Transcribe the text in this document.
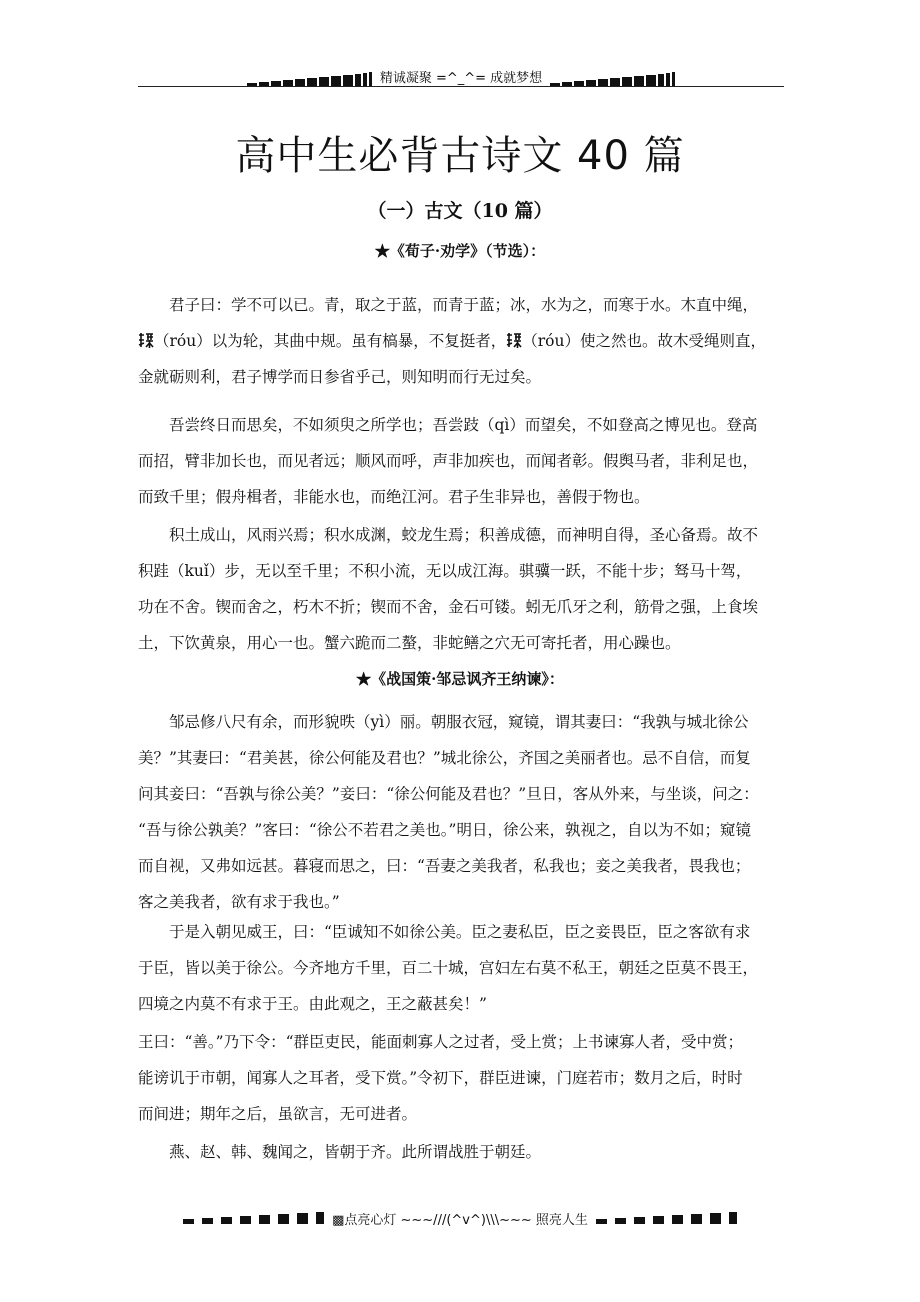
精诚凝聚 =^_^= 成就梦想
高中生必背古诗文 40 篇
（一）古文（10 篇）
★《荀子·劝学》（节选）：

君子曰：学不可以已。青，取之于蓝，而青于蓝；冰，水为之，而寒于水。木直中绳，
（róu）以为轮，其曲中规。虽有槁暴，不复挺者， （róu）使之然也。故木受绳则直，
金就砺则利，君子博学而日参省乎己，则知明而行无过矣。

吾尝终日而思矣，不如须臾之所学也；吾尝跂（qì）而望矣，不如登高之博见也。登高
而招，臂非加长也，而见者远；顺风而呼，声非加疾也，而闻者彰。假舆马者，非利足也，
而致千里；假舟楫者，非能水也，而绝江河。君子生非异也，善假于物也。

积土成山，风雨兴焉；积水成渊，蛟龙生焉；积善成德，而神明自得，圣心备焉。故不
积跬（kuǐ）步，无以至千里；不积小流，无以成江海。骐骥一跃，不能十步；驽马十驾，
功在不舍。锲而舍之，朽木不折；锲而不舍，金石可镂。蚓无爪牙之利，筋骨之强，上食埃
土，下饮黄泉，用心一也。蟹六跪而二螯，非蛇鳝之穴无可寄托者，用心躁也。

★《战国策·邹忌讽齐王纳谏》：

邹忌修八尺有余，而形貌昳（yì）丽。朝服衣冠，窥镜，谓其妻曰：“我孰与城北徐公
美？”其妻曰：“君美甚，徐公何能及君也？”城北徐公，齐国之美丽者也。忌不自信，而复
问其妾曰：“吾孰与徐公美？”妾曰：“徐公何能及君也？”旦日，客从外来，与坐谈，问之：
“吾与徐公孰美？”客曰：“徐公不若君之美也。”明日，徐公来，孰视之，自以为不如；窥镜
而自视，又弗如远甚。暮寝而思之，曰：“吾妻之美我者，私我也；妾之美我者，畏我也；
客之美我者，欲有求于我也。”

于是入朝见威王，曰：“臣诚知不如徐公美。臣之妻私臣，臣之妾畏臣，臣之客欲有求
于臣，皆以美于徐公。今齐地方千里，百二十城，宫妇左右莫不私王，朝廷之臣莫不畏王，
四境之内莫不有求于王。由此观之，王之蔽甚矣！”

王曰：“善。”乃下令：“群臣吏民，能面刺寡人之过者，受上赏；上书谏寡人者，受中赏；
能谤讥于市朝，闻寡人之耳者，受下赏。”令初下，群臣进谏，门庭若市；数月之后，时时
而间进；期年之后，虽欲言，无可进者。

燕、赵、韩、魏闻之，皆朝于齐。此所谓战胜于朝廷。

▩点亮心灯 ~~~///(^v^)\\\~~~ 照亮人生
